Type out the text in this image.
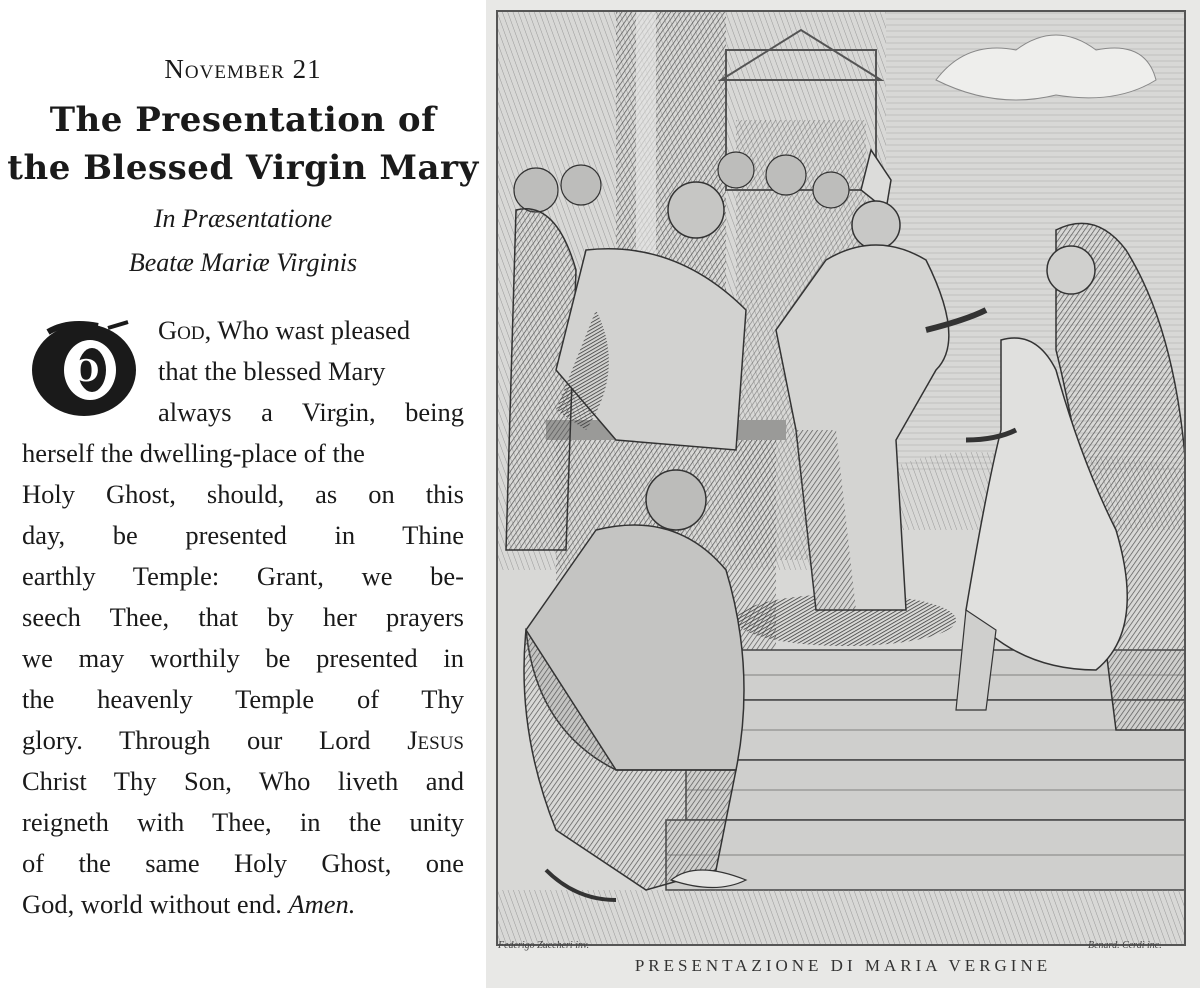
November 21
The Presentation of
the Blessed Virgin Mary
In Præsentatione
Beatæ Mariæ Virginis
O
God, Who wast pleased
that the blessed Mary
always a Virgin, being
herself the dwelling-place of the
Holy Ghost, should, as on this
day, be presented in Thine
earthly Temple: Grant, we be-
seech Thee, that by her prayers
we may worthily be presented in
the heavenly Temple of Thy
glory. Through our Lord Jesus
Christ Thy Son, Who liveth and
reigneth with Thee, in the unity
of the same Holy Ghost, one
God, world without end. Amen.
Federigo Zuccheri inv.	Benard. Cerdi inc.
PRESENTAZIONE DI MARIA VERGINE
